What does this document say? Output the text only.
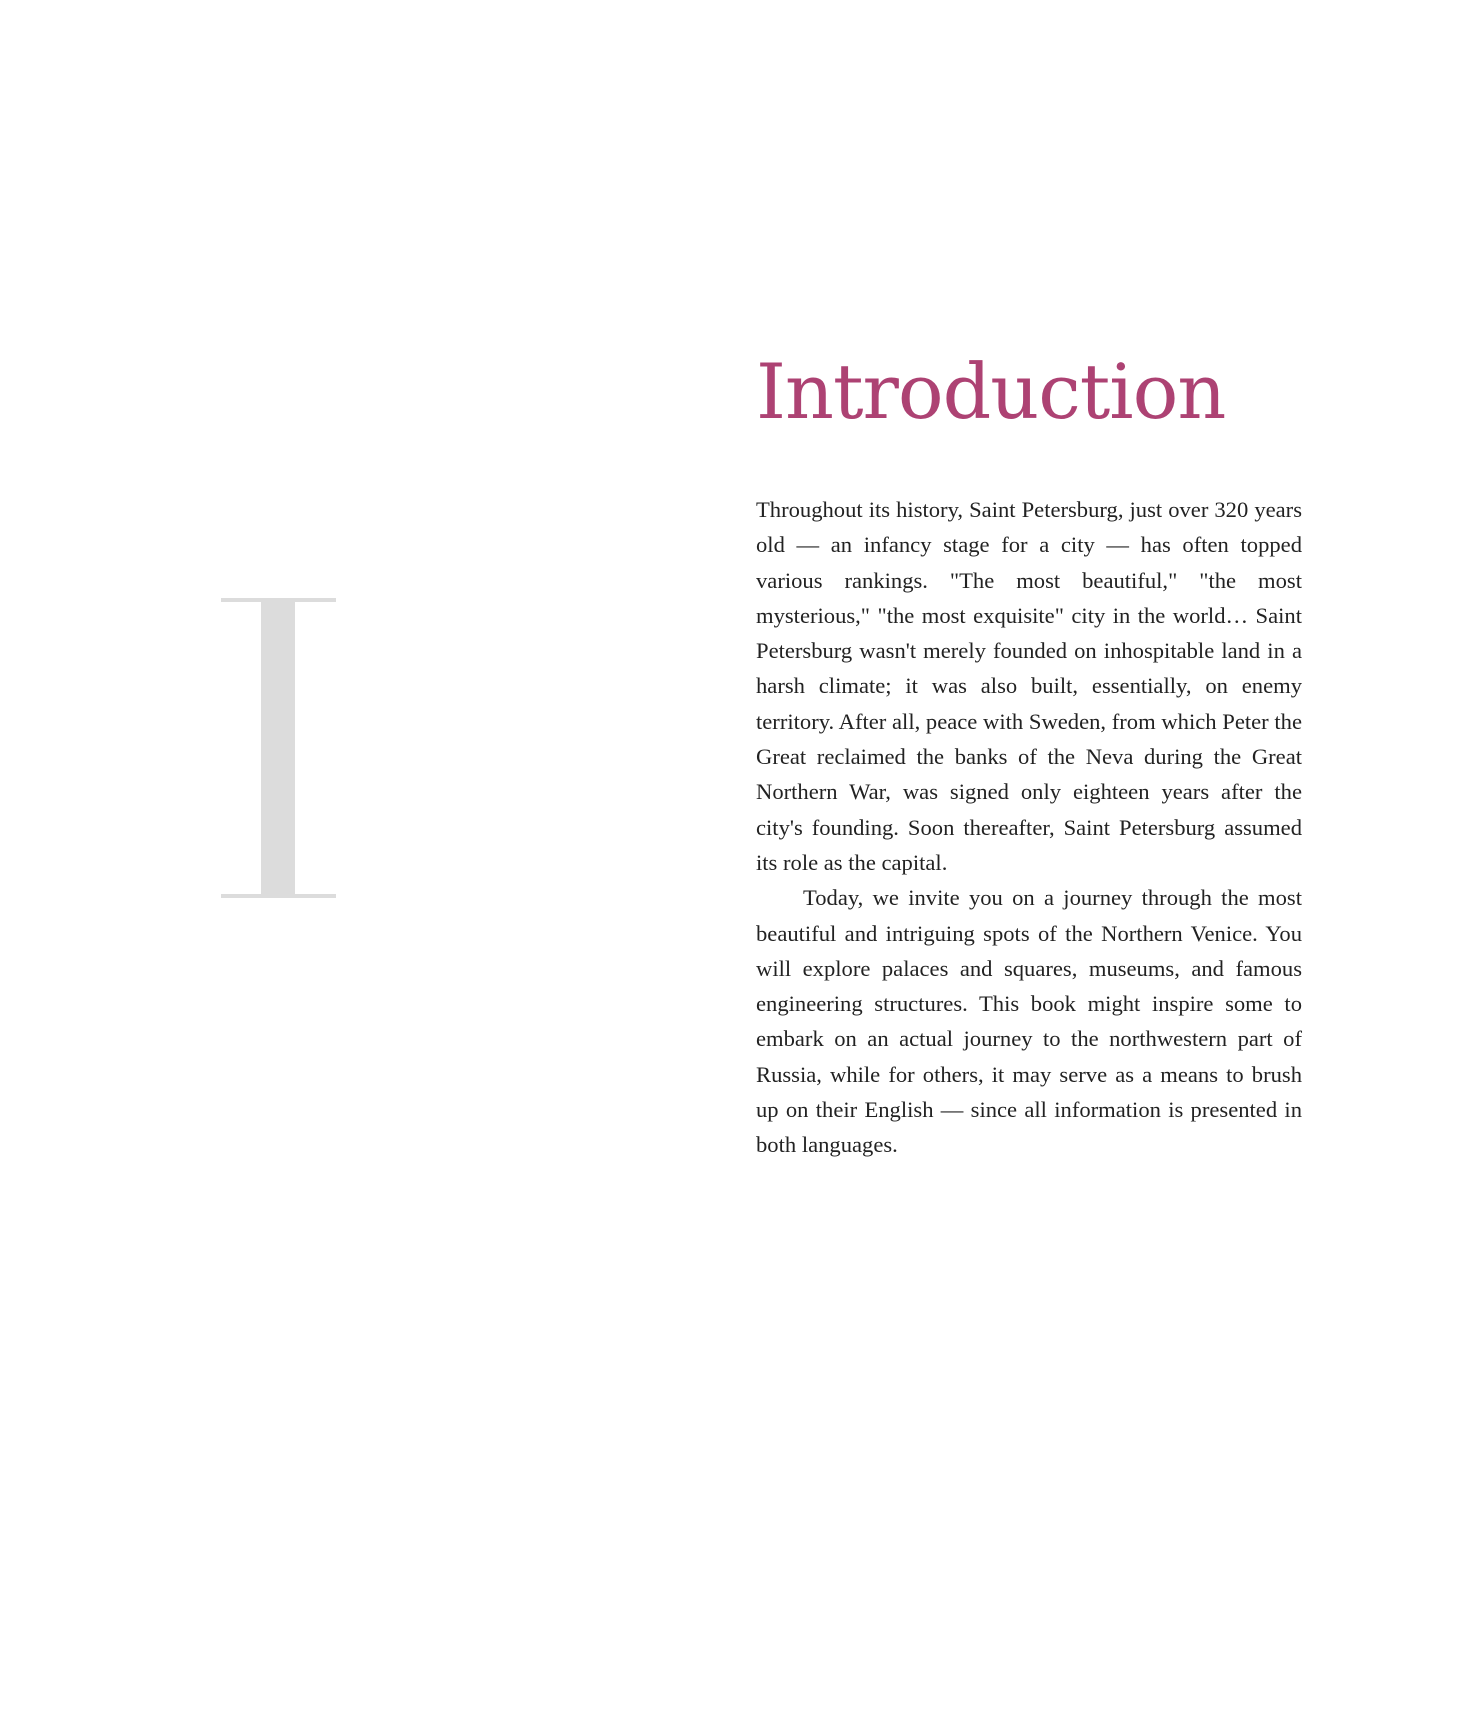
Introduction

Throughout its history, Saint Petersburg, just over 320 years old — an infancy stage for a city — has often topped various rankings. "The most beautiful," "the most mysterious," "the most exquisite" city in the world… Saint Petersburg wasn't merely founded on inhospitable land in a harsh climate; it was also built, essentially, on enemy territory. After all, peace with Sweden, from which Peter the Great reclaimed the banks of the Neva during the Great Northern War, was signed only eighteen years after the city's founding. Soon thereafter, Saint Petersburg assumed its role as the capital.

Today, we invite you on a journey through the most beautiful and intriguing spots of the Northern Venice. You will explore palaces and squares, museums, and famous engineering structures. This book might inspire some to embark on an actual journey to the northwestern part of Russia, while for others, it may serve as a means to brush up on their English — since all information is presented in both languages.
